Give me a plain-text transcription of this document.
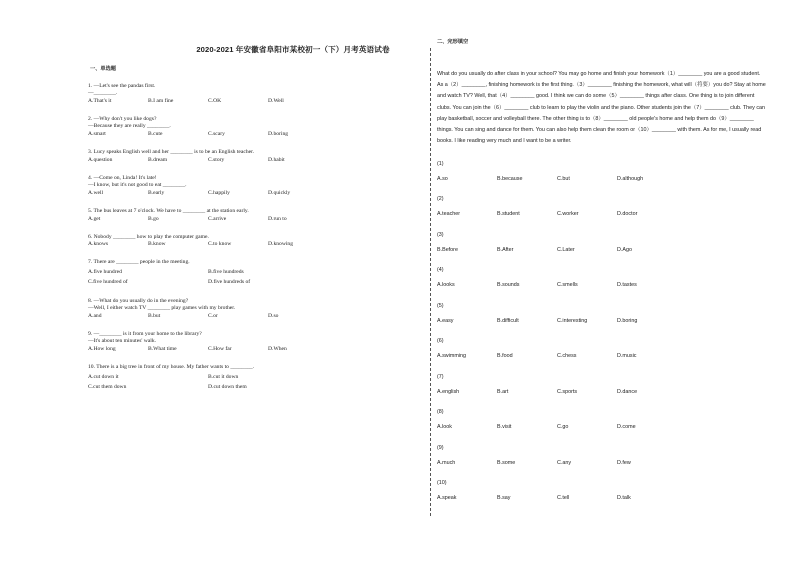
2020-2021 年安徽省阜阳市某校初一（下）月考英语试卷
一、单选题
1. —Let's see the pandas first.
—________.
A.That's it	B.I am fine	C.OK	D.Well
2. —Why don't you like dogs?
—Because they are really ________.
A.smart	B.cute	C.scary	D.boring
3. Lucy speaks English well and her ________ is to be an English teacher.
A.question	B.dream	C.story	D.habit
4. —Come on, Linda! It's late!
—I know, but it's not good to eat ________.
A.well	B.early	C.happily	D.quickly
5. The bus leaves at 7 o'clock. We have to ________ at the station early.
A.get	B.go	C.arrive	D.run to
6. Nobody ________ how to play the computer game.
A.knows	B.know	C.to know	D.knowing
7. There are ________ people in the meeting.
A.five hundred	B.five hundreds
C.five hundred of	D.five hundreds of
8. —What do you usually do in the evening?
—Well, I either watch TV ________ play games with my brother.
A.and	B.but	C.or	D.so
9. —________ is it from your home to the library?
—It's about ten minutes' walk.
A.How long	B.What time	C.How far	D.When
10. There is a big tree in front of my house. My father wants to ________.
A.cut down it	B.cut it down
C.cut them down	D.cut down them
二、完形填空
What do you usually do after class in your school? You may go home and finish your homework（1）________ you are a good student. As a（2）________, finishing homework is the first thing.（3）________ finishing the homework, what will（将要）you do? Stay at home and watch TV? Well, that（4）________ good. I think we can do some（5）________ things after class. One thing is to join different clubs. You can join the（6）________ club to learn to play the violin and the piano. Other students join the（7）________ club. They can play basketball, soccer and volleyball there. The other thing is to（8）________ old people's home and help them do（9）________ things. You can sing and dance for them. You can also help them clean the room or（10）________ with them. As for me, I usually read books. I like reading very much and I want to be a writer.
(1)
A.so	B.because	C.but	D.although
(2)
A.teacher	B.student	C.worker	D.doctor
(3)
B.Before	B.After	C.Later	D.Ago
(4)
A.looks	B.sounds	C.smells	D.tastes
(5)
A.easy	B.difficult	C.interesting	D.boring
(6)
A.swimming	B.food	C.chess	D.music
(7)
A.english	B.art	C.sports	D.dance
(8)
A.look	B.visit	C.go	D.come
(9)
A.much	B.some	C.any	D.few
(10)
A.speak	B.say	C.tell	D.talk
